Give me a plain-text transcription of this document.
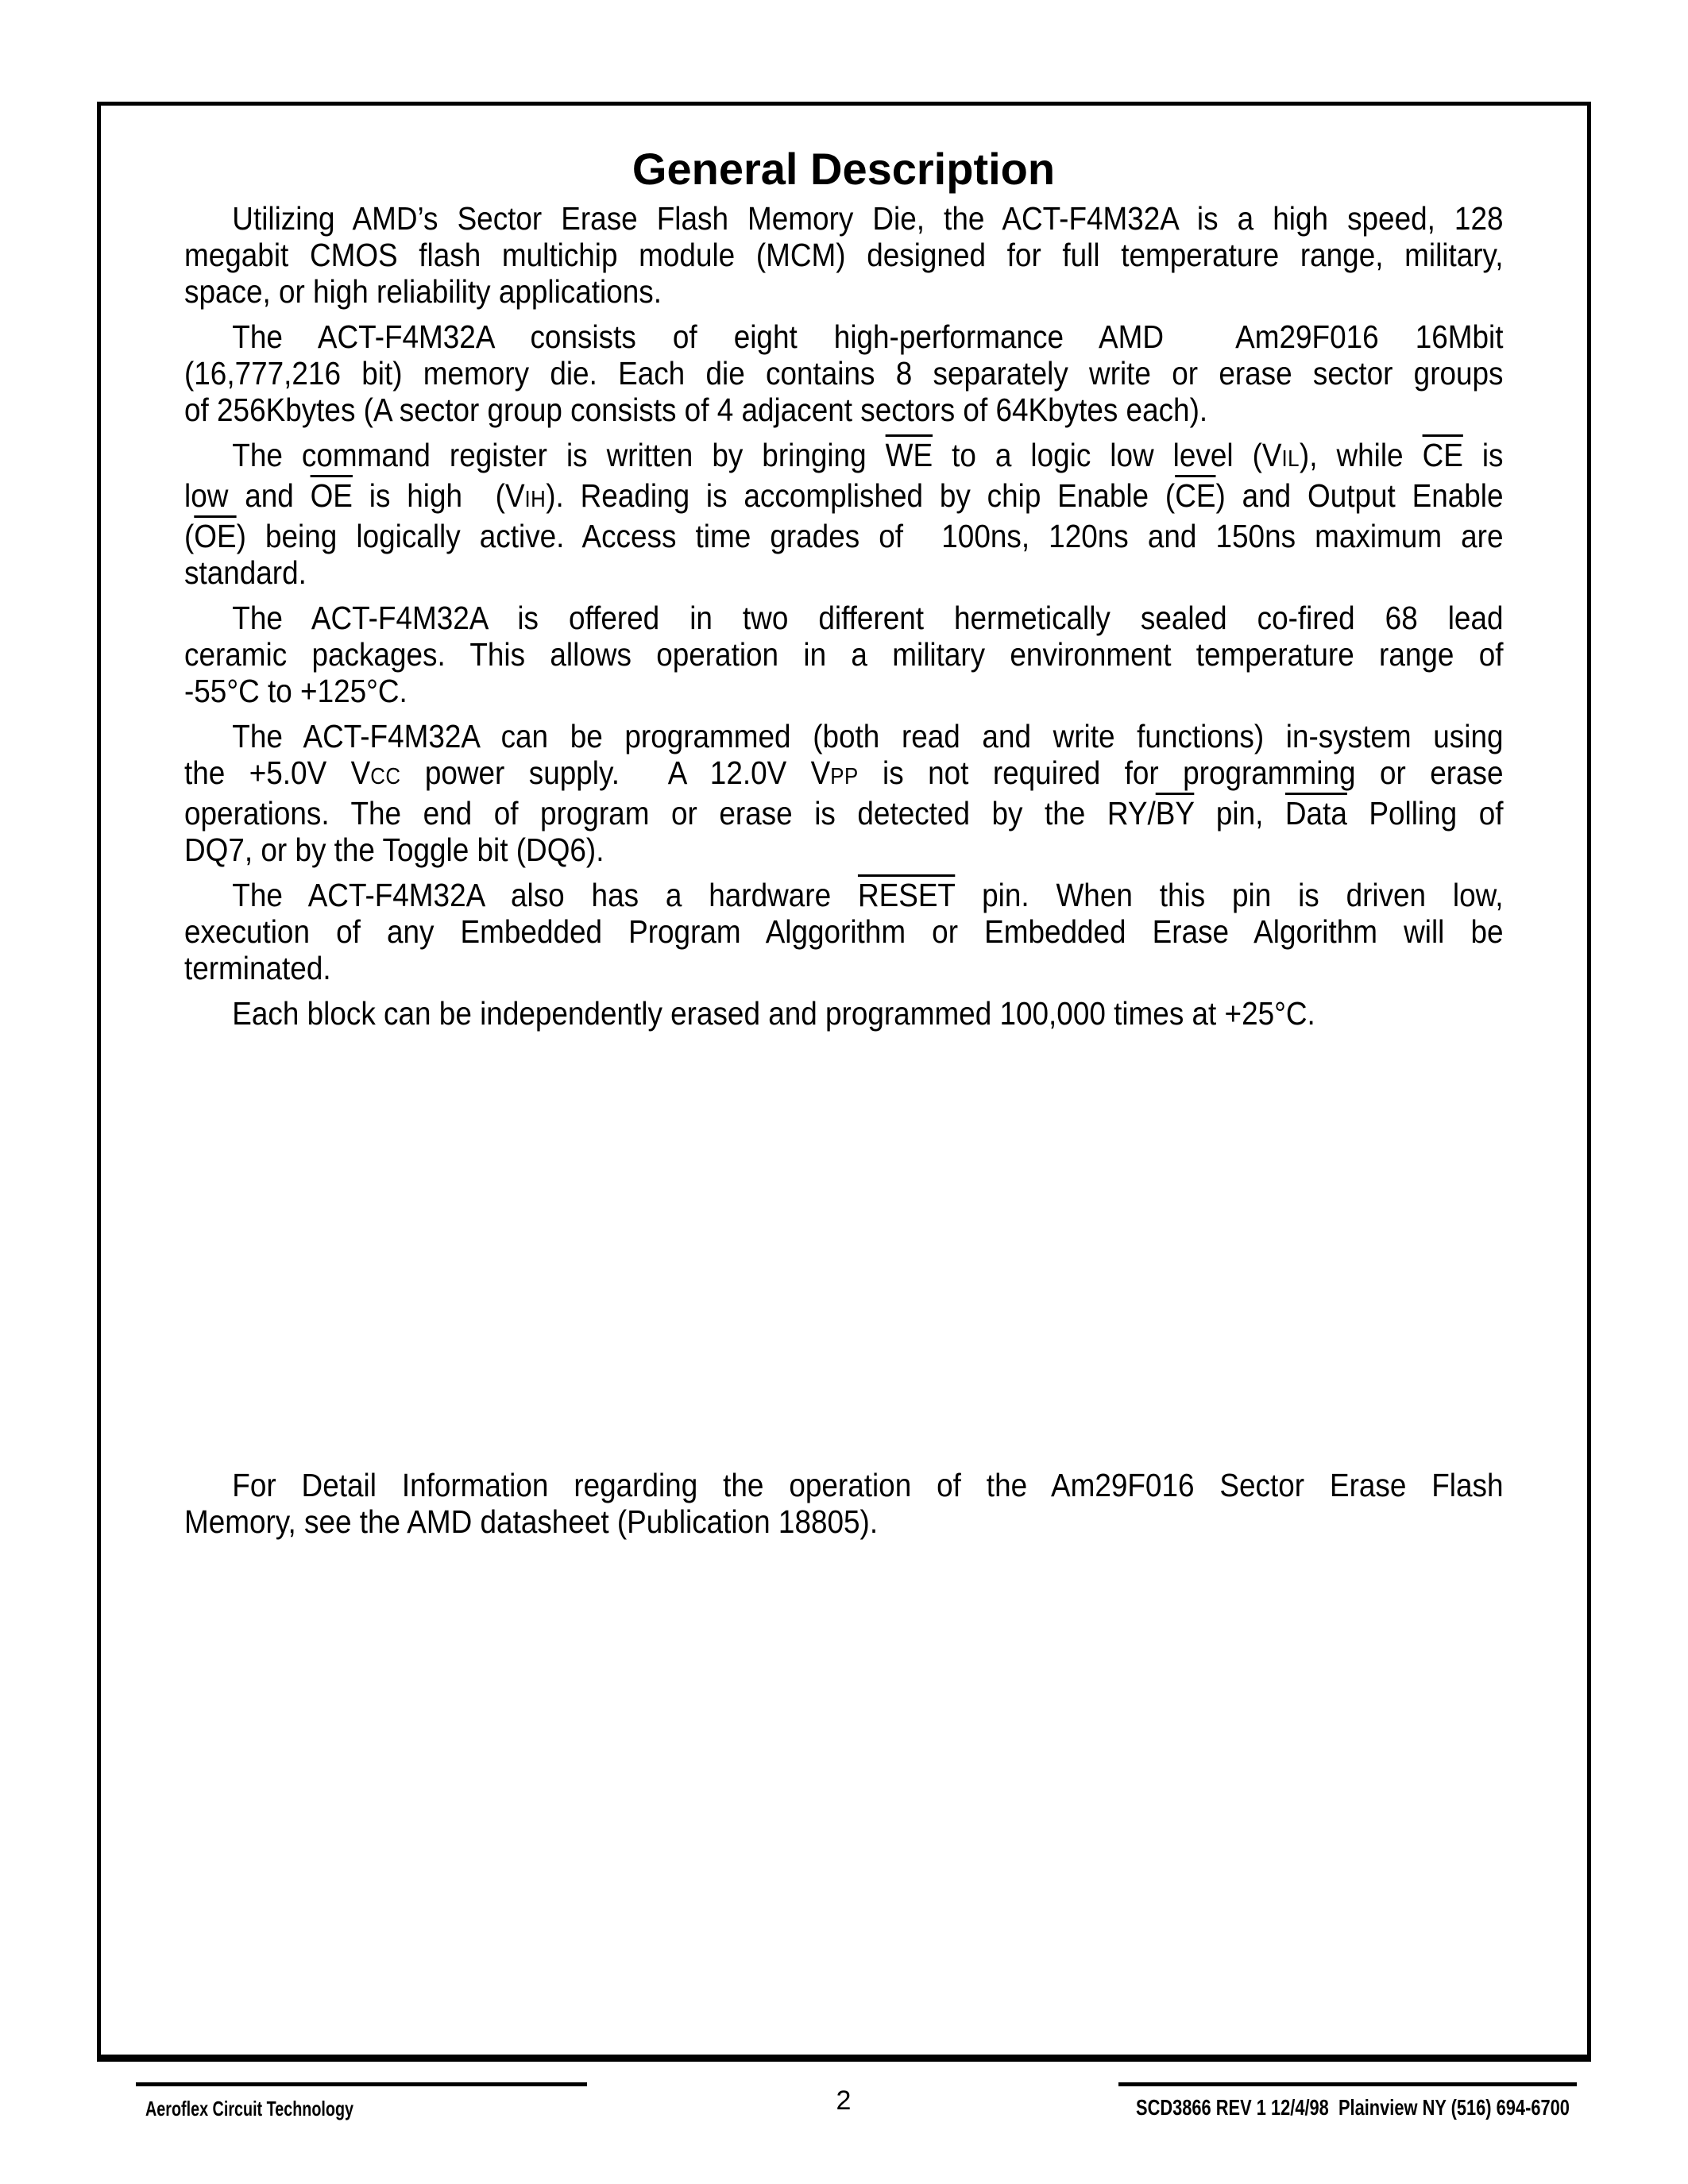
General Description
Utilizing AMD’s Sector Erase Flash Memory Die, the ACT-F4M32A is a high speed, 128
megabit CMOS flash multichip module (MCM) designed for full temperature range, military,
space, or high reliability applications.
The ACT-F4M32A consists of eight high-performance AMD  Am29F016 16Mbit
(16,777,216 bit) memory die. Each die contains 8 separately write or erase sector groups
of 256Kbytes (A sector group consists of 4 adjacent sectors of 64Kbytes each).
The command register is written by bringing $\overline{WE}$ to a logic low level (VIL), while $\overline{CE}$ is
low and $\overline{OE}$ is high  (VIH). Reading is accomplished by chip Enable $(\overline{CE})$ and Output Enable
$(\overline{OE})$ being logically active. Access time grades of  100ns, 120ns and 150ns maximum are
standard.
The ACT-F4M32A is offered in two different hermetically sealed co-fired 68 lead
ceramic packages. This allows operation in a military environment temperature range of
-55°C to +125°C.
The ACT-F4M32A can be programmed (both read and write functions) in-system using
the +5.0V VCC power supply.  A 12.0V VPP is not required for programming or erase
operations. The end of program or erase is detected by the $RY/\overline{BY}$ pin, Data Polling of
DQ7, or by the Toggle bit (DQ6).
The ACT-F4M32A also has a hardware RESET pin. When this pin is driven low,
execution of any Embedded Program Alggorithm or Embedded Erase Algorithm will be
terminated.
Each block can be independently erased and programmed 100,000 times at +25°C.
For Detail Information regarding the operation of the Am29F016 Sector Erase Flash
Memory, see the AMD datasheet (Publication 18805).
Aeroflex Circuit Technology	2	SCD3866 REV 1 12/4/98  Plainview NY (516) 694-6700
